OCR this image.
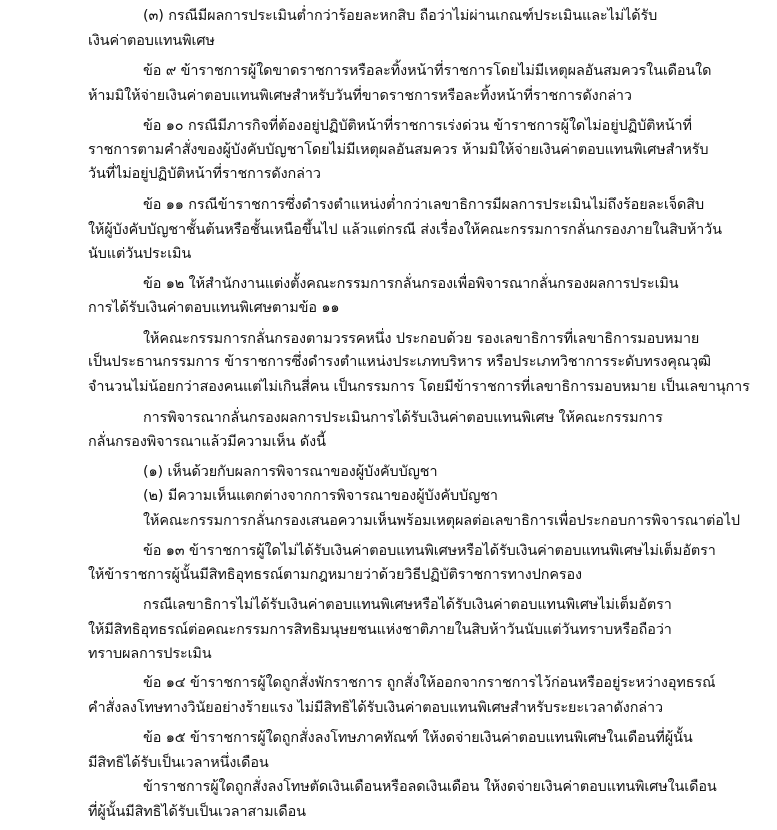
(๓) กรณีมีผลการประเมินต่ำกว่าร้อยละหกสิบ ถือว่าไม่ผ่านเกณฑ์ประเมินและไม่ได้รับ
เงินค่าตอบแทนพิเศษ
ข้อ ๙ ข้าราชการผู้ใดขาดราชการหรือละทิ้งหน้าที่ราชการโดยไม่มีเหตุผลอันสมควรในเดือนใด
ห้ามมิให้จ่ายเงินค่าตอบแทนพิเศษสำหรับวันที่ขาดราชการหรือละทิ้งหน้าที่ราชการดังกล่าว
ข้อ ๑๐ กรณีมีภารกิจที่ต้องอยู่ปฏิบัติหน้าที่ราชการเร่งด่วน ข้าราชการผู้ใดไม่อยู่ปฏิบัติหน้าที่
ราชการตามคำสั่งของผู้บังคับบัญชาโดยไม่มีเหตุผลอันสมควร ห้ามมิให้จ่ายเงินค่าตอบแทนพิเศษสำหรับ
วันที่ไม่อยู่ปฏิบัติหน้าที่ราชการดังกล่าว
ข้อ ๑๑ กรณีข้าราชการซึ่งดำรงตำแหน่งต่ำกว่าเลขาธิการมีผลการประเมินไม่ถึงร้อยละเจ็ดสิบ
ให้ผู้บังคับบัญชาชั้นต้นหรือชั้นเหนือขึ้นไป แล้วแต่กรณี ส่งเรื่องให้คณะกรรมการกลั่นกรองภายในสิบห้าวัน
นับแต่วันประเมิน
ข้อ ๑๒ ให้สำนักงานแต่งตั้งคณะกรรมการกลั่นกรองเพื่อพิจารณากลั่นกรองผลการประเมิน
การได้รับเงินค่าตอบแทนพิเศษตามข้อ ๑๑
ให้คณะกรรมการกลั่นกรองตามวรรคหนึ่ง ประกอบด้วย รองเลขาธิการที่เลขาธิการมอบหมาย
เป็นประธานกรรมการ ข้าราชการซึ่งดำรงตำแหน่งประเภทบริหาร หรือประเภทวิชาการระดับทรงคุณวุฒิ
จำนวนไม่น้อยกว่าสองคนแต่ไม่เกินสี่คน เป็นกรรมการ โดยมีข้าราชการที่เลขาธิการมอบหมาย เป็นเลขานุการ
การพิจารณากลั่นกรองผลการประเมินการได้รับเงินค่าตอบแทนพิเศษ ให้คณะกรรมการ
กลั่นกรองพิจารณาแล้วมีความเห็น ดังนี้
(๑) เห็นด้วยกับผลการพิจารณาของผู้บังคับบัญชา
(๒) มีความเห็นแตกต่างจากการพิจารณาของผู้บังคับบัญชา
ให้คณะกรรมการกลั่นกรองเสนอความเห็นพร้อมเหตุผลต่อเลขาธิการเพื่อประกอบการพิจารณาต่อไป
ข้อ ๑๓ ข้าราชการผู้ใดไม่ได้รับเงินค่าตอบแทนพิเศษหรือได้รับเงินค่าตอบแทนพิเศษไม่เต็มอัตรา
ให้ข้าราชการผู้นั้นมีสิทธิอุทธรณ์ตามกฎหมายว่าด้วยวิธีปฏิบัติราชการทางปกครอง
กรณีเลขาธิการไม่ได้รับเงินค่าตอบแทนพิเศษหรือได้รับเงินค่าตอบแทนพิเศษไม่เต็มอัตรา
ให้มีสิทธิอุทธรณ์ต่อคณะกรรมการสิทธิมนุษยชนแห่งชาติภายในสิบห้าวันนับแต่วันทราบหรือถือว่า
ทราบผลการประเมิน
ข้อ ๑๔ ข้าราชการผู้ใดถูกสั่งพักราชการ ถูกสั่งให้ออกจากราชการไว้ก่อนหรืออยู่ระหว่างอุทธรณ์
คำสั่งลงโทษทางวินัยอย่างร้ายแรง ไม่มีสิทธิได้รับเงินค่าตอบแทนพิเศษสำหรับระยะเวลาดังกล่าว
ข้อ ๑๕ ข้าราชการผู้ใดถูกสั่งลงโทษภาคทัณฑ์ ให้งดจ่ายเงินค่าตอบแทนพิเศษในเดือนที่ผู้นั้น
มีสิทธิได้รับเป็นเวลาหนึ่งเดือน
ข้าราชการผู้ใดถูกสั่งลงโทษตัดเงินเดือนหรือลดเงินเดือน ให้งดจ่ายเงินค่าตอบแทนพิเศษในเดือน
ที่ผู้นั้นมีสิทธิได้รับเป็นเวลาสามเดือน
